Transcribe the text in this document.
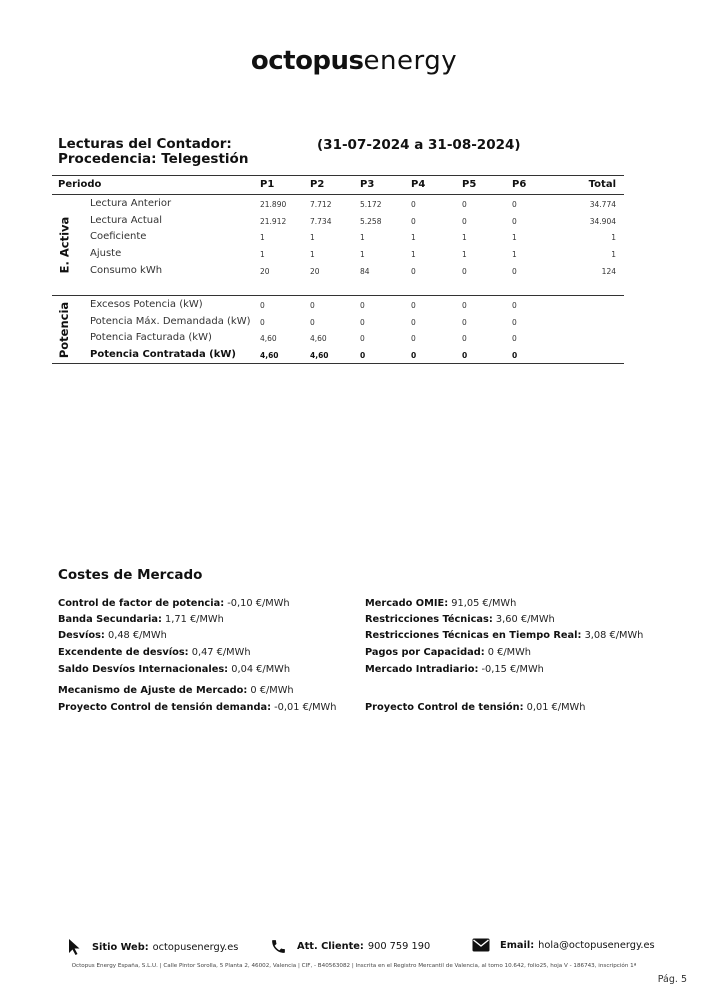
octopusenergy
Lecturas del Contador:
Procedencia: Telegestión
(31-07-2024 a 31-08-2024)
Periodo	P1	P2	P3	P4	P5	P6	Total
E. Activa
Lectura Anterior	21.890	7.712	5.172	0	0	0	34.774
Lectura Actual	21.912	7.734	5.258	0	0	0	34.904
Coeficiente	1	1	1	1	1	1	1
Ajuste	1	1	1	1	1	1	1
Consumo kWh	20	20	84	0	0	0	124
Potencia Excesos Potencia (kW)	0	0	0	0	0	0
Potencia Máx. Demandada (kW) 0	0	0	0	0	0
Potencia Facturada (kW)	4,60	4,60	0	0	0	0
Potencia Contratada (kW)	4,60	4,60	0	0	0	0
Costes de Mercado
Control de factor de potencia: -0,10 €/MWh
Banda Secundaria: 1,71 €/MWh
Desvíos: 0,48 €/MWh
Excendente de desvíos: 0,47 €/MWh
Saldo Desvíos Internacionales: 0,04 €/MWh
Mecanismo de Ajuste de Mercado: 0 €/MWh
Proyecto Control de tensión demanda: -0,01 €/MWh
Mercado OMIE: 91,05 €/MWh
Restricciones Técnicas: 3,60 €/MWh
Restricciones Técnicas en Tiempo Real: 3,08 €/MWh
Pagos por Capacidad: 0 €/MWh
Mercado Intradiario: -0,15 €/MWh
Proyecto Control de tensión: 0,01 €/MWh
Sitio Web: octopusenergy.es	Att. Cliente: 900 759 190	Email: hola@octopusenergy.es
Octopus Energy España, S.L.U. | Calle Pintor Sorolla, 5 Planta 2, 46002, Valencia | CIF, - B40563082 | Inscrita en el Registro Mercantil de Valencia, al tomo 10.642, folio25, hoja V - 186743, inscripción 1ª
Pág. 5
